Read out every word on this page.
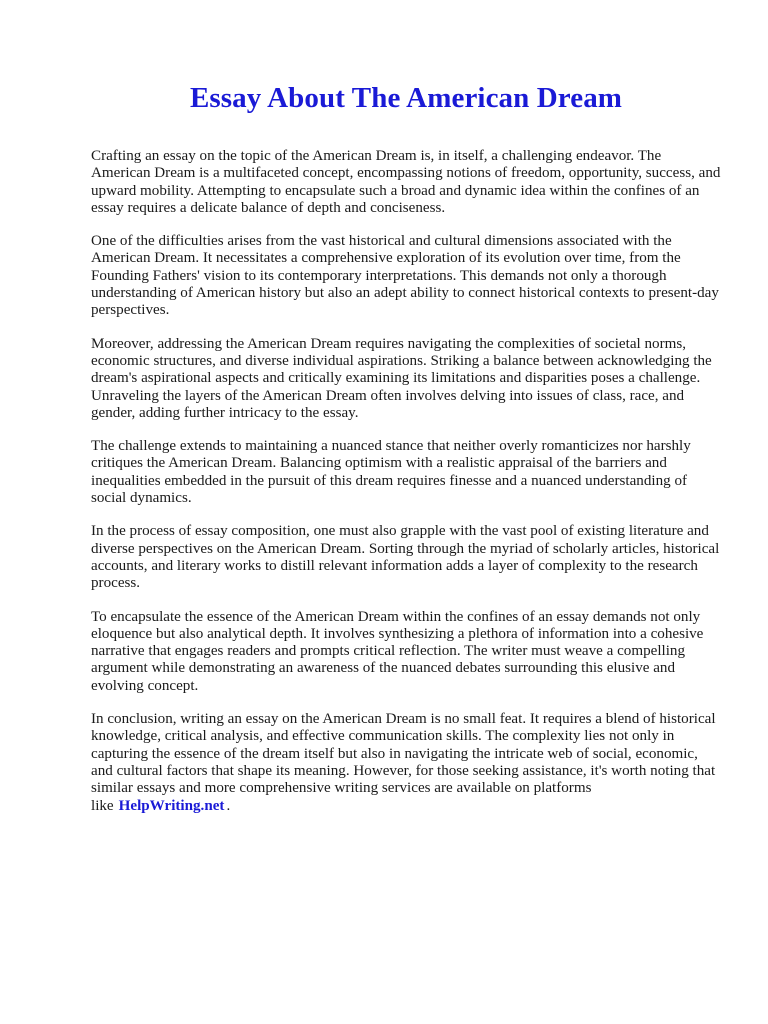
Essay About The American Dream

Crafting an essay on the topic of the American Dream is, in itself, a challenging endeavor. The American Dream is a multifaceted concept, encompassing notions of freedom, opportunity, success, and upward mobility. Attempting to encapsulate such a broad and dynamic idea within the confines of an essay requires a delicate balance of depth and conciseness.

One of the difficulties arises from the vast historical and cultural dimensions associated with the American Dream. It necessitates a comprehensive exploration of its evolution over time, from the Founding Fathers' vision to its contemporary interpretations. This demands not only a thorough understanding of American history but also an adept ability to connect historical contexts to present-day perspectives.

Moreover, addressing the American Dream requires navigating the complexities of societal norms, economic structures, and diverse individual aspirations. Striking a balance between acknowledging the dream's aspirational aspects and critically examining its limitations and disparities poses a challenge. Unraveling the layers of the American Dream often involves delving into issues of class, race, and gender, adding further intricacy to the essay.

The challenge extends to maintaining a nuanced stance that neither overly romanticizes nor harshly critiques the American Dream. Balancing optimism with a realistic appraisal of the barriers and inequalities embedded in the pursuit of this dream requires finesse and a nuanced understanding of social dynamics.

In the process of essay composition, one must also grapple with the vast pool of existing literature and diverse perspectives on the American Dream. Sorting through the myriad of scholarly articles, historical accounts, and literary works to distill relevant information adds a layer of complexity to the research process.

To encapsulate the essence of the American Dream within the confines of an essay demands not only eloquence but also analytical depth. It involves synthesizing a plethora of information into a cohesive narrative that engages readers and prompts critical reflection. The writer must weave a compelling argument while demonstrating an awareness of the nuanced debates surrounding this elusive and evolving concept.

In conclusion, writing an essay on the American Dream is no small feat. It requires a blend of historical knowledge, critical analysis, and effective communication skills. The complexity lies not only in capturing the essence of the dream itself but also in navigating the intricate web of social, economic, and cultural factors that shape its meaning. However, for those seeking assistance, it's worth noting that similar essays and more comprehensive writing services are available on platforms like HelpWriting.net .
